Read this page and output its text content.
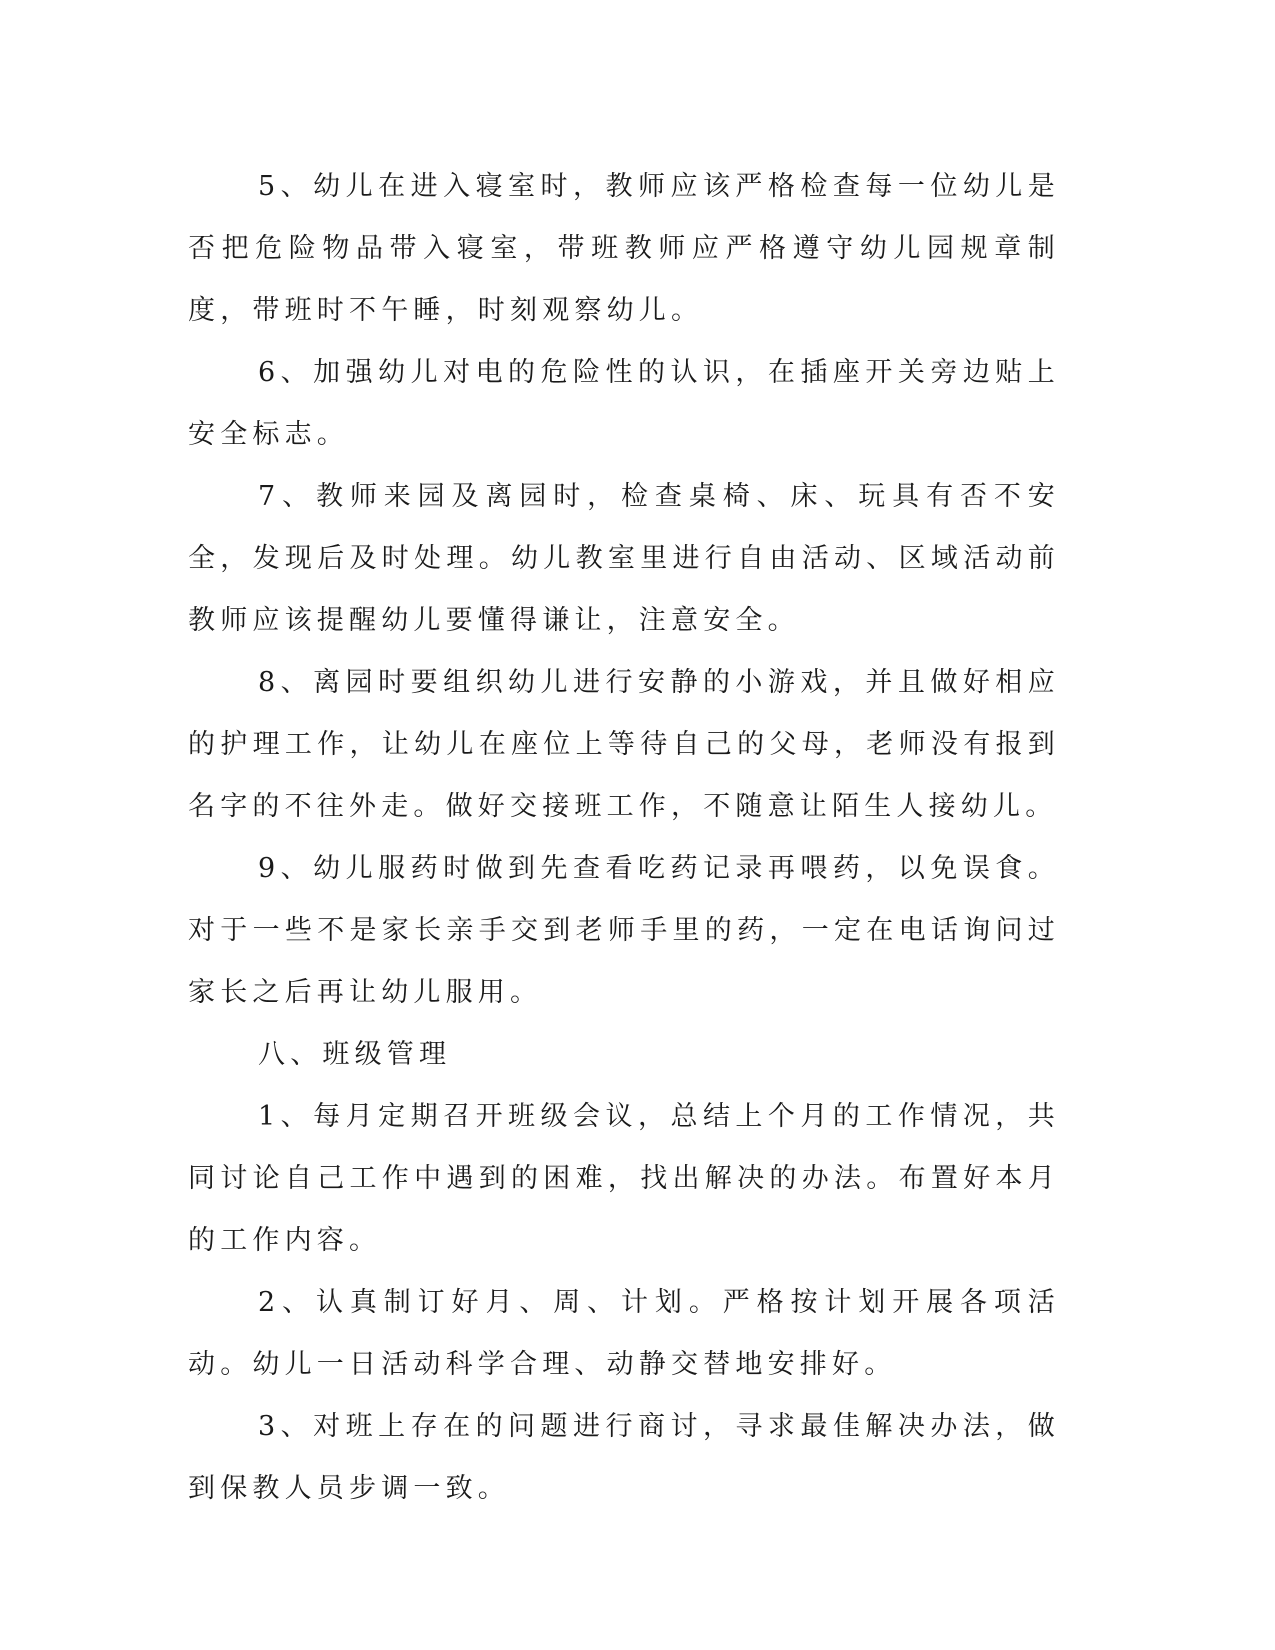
5、幼儿在进入寝室时，教师应该严格检查每一位幼儿是否把危险物品带入寝室，带班教师应严格遵守幼儿园规章制度，带班时不午睡，时刻观察幼儿。

6、加强幼儿对电的危险性的认识，在插座开关旁边贴上安全标志。

7、教师来园及离园时，检查桌椅、床、玩具有否不安全，发现后及时处理。幼儿教室里进行自由活动、区域活动前教师应该提醒幼儿要懂得谦让，注意安全。

8、离园时要组织幼儿进行安静的小游戏，并且做好相应的护理工作，让幼儿在座位上等待自己的父母，老师没有报到名字的不往外走。做好交接班工作，不随意让陌生人接幼儿。

9、幼儿服药时做到先查看吃药记录再喂药，以免误食。对于一些不是家长亲手交到老师手里的药，一定在电话询问过家长之后再让幼儿服用。

八、班级管理

1、每月定期召开班级会议，总结上个月的工作情况，共同讨论自己工作中遇到的困难，找出解决的办法。布置好本月的工作内容。

2、认真制订好月、周、计划。严格按计划开展各项活动。幼儿一日活动科学合理、动静交替地安排好。

3、对班上存在的问题进行商讨，寻求最佳解决办法，做到保教人员步调一致。
